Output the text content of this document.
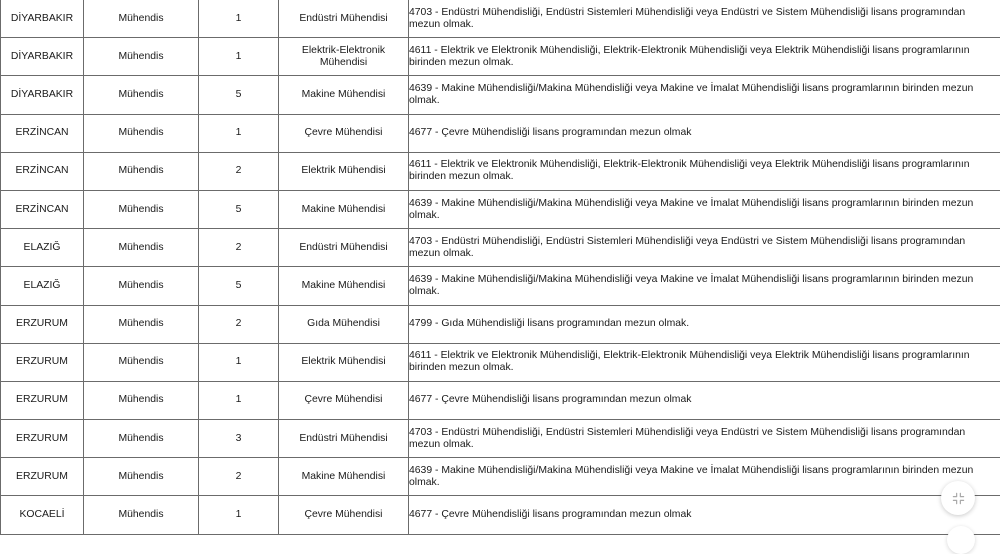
DİYARBAKIR	Mühendis	1	Endüstri Mühendisi	4703 - Endüstri Mühendisliği, Endüstri Sistemleri Mühendisliği veya Endüstri ve Sistem Mühendisliği lisans programından mezun olmak.

DİYARBAKIR	Mühendis	1	Elektrik-Elektronik Mühendisi	4611 - Elektrik ve Elektronik Mühendisliği, Elektrik-Elektronik Mühendisliği veya Elektrik Mühendisliği lisans programlarının birinden mezun olmak.

DİYARBAKIR	Mühendis	5	Makine Mühendisi	4639 - Makine Mühendisliği/Makina Mühendisliği veya Makine ve İmalat Mühendisliği lisans programlarının birinden mezun olmak.

ERZİNCAN	Mühendis	1	Çevre Mühendisi	4677 - Çevre Mühendisliği lisans programından mezun olmak

ERZİNCAN	Mühendis	2	Elektrik Mühendisi	4611 - Elektrik ve Elektronik Mühendisliği, Elektrik-Elektronik Mühendisliği veya Elektrik Mühendisliği lisans programlarının birinden mezun olmak.

ERZİNCAN	Mühendis	5	Makine Mühendisi	4639 - Makine Mühendisliği/Makina Mühendisliği veya Makine ve İmalat Mühendisliği lisans programlarının birinden mezun olmak.

ELAZIĞ	Mühendis	2	Endüstri Mühendisi	4703 - Endüstri Mühendisliği, Endüstri Sistemleri Mühendisliği veya Endüstri ve Sistem Mühendisliği lisans programından mezun olmak.

ELAZIĞ	Mühendis	5	Makine Mühendisi	4639 - Makine Mühendisliği/Makina Mühendisliği veya Makine ve İmalat Mühendisliği lisans programlarının birinden mezun olmak.

ERZURUM	Mühendis	2	Gıda Mühendisi	4799 - Gıda Mühendisliği lisans programından mezun olmak.

ERZURUM	Mühendis	1	Elektrik Mühendisi	4611 - Elektrik ve Elektronik Mühendisliği, Elektrik-Elektronik Mühendisliği veya Elektrik Mühendisliği lisans programlarının birinden mezun olmak.

ERZURUM	Mühendis	1	Çevre Mühendisi	4677 - Çevre Mühendisliği lisans programından mezun olmak

ERZURUM	Mühendis	3	Endüstri Mühendisi	4703 - Endüstri Mühendisliği, Endüstri Sistemleri Mühendisliği veya Endüstri ve Sistem Mühendisliği lisans programından mezun olmak.

ERZURUM	Mühendis	2	Makine Mühendisi	4639 - Makine Mühendisliği/Makina Mühendisliği veya Makine ve İmalat Mühendisliği lisans programlarının birinden mezun olmak.

KOCAELİ	Mühendis	1	Çevre Mühendisi	4677 - Çevre Mühendisliği lisans programından mezun olmak
